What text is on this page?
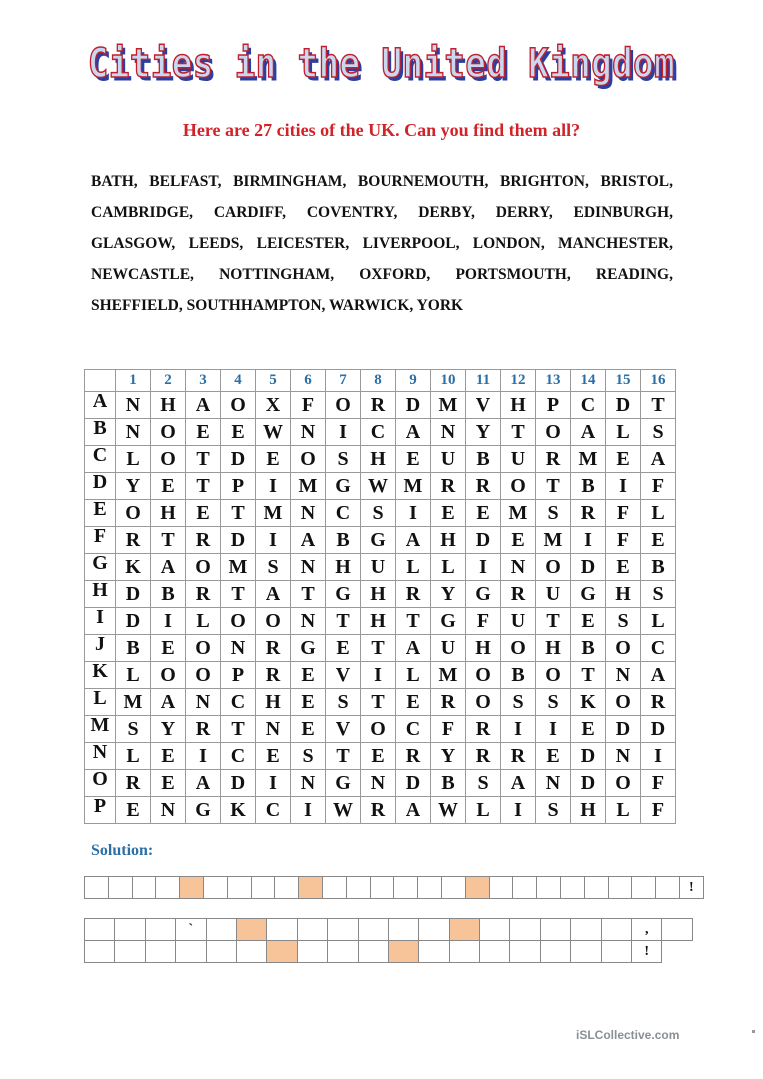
Cities in the United Kingdom
Here are 27 cities of the UK. Can you find them all?

BATH, BELFAST, BIRMINGHAM, BOURNEMOUTH, BRIGHTON, BRISTOL, CAMBRIDGE, CARDIFF, COVENTRY, DERBY, DERRY, EDINBURGH, GLASGOW, LEEDS, LEICESTER, LIVERPOOL, LONDON, MANCHESTER, NEWCASTLE, NOTTINGHAM, OXFORD, PORTSMOUTH, READING, SHEFFIELD, SOUTHHAMPTON, WARWICK, YORK

	1	2	3	4	5	6	7	8	9	10	11	12	13	14	15	16
A	N	H	A	O	X	F	O	R	D	M	V	H	P	C	D	T
B	N	O	E	E	W	N	I	C	A	N	Y	T	O	A	L	S
C	L	O	T	D	E	O	S	H	E	U	B	U	R	M	E	A
D	Y	E	T	P	I	M	G	W	M	R	R	O	T	B	I	F
E	O	H	E	T	M	N	C	S	I	E	E	M	S	R	F	L
F	R	T	R	D	I	A	B	G	A	H	D	E	M	I	F	E
G	K	A	O	M	S	N	H	U	L	L	I	N	O	D	E	B
H	D	B	R	T	A	T	G	H	R	Y	G	R	U	G	H	S
I	D	I	L	O	O	N	T	H	T	G	F	U	T	E	S	L
J	B	E	O	N	R	G	E	T	A	U	H	O	H	B	O	C
K	L	O	O	P	R	E	V	I	L	M	O	B	O	T	N	A
L	M	A	N	C	H	E	S	T	E	R	O	S	S	K	O	R
M	S	Y	R	T	N	E	V	O	C	F	R	I	I	E	D	D
N	L	E	I	C	E	S	T	E	R	Y	R	R	E	D	N	I
O	R	E	A	D	I	N	G	N	D	B	S	A	N	D	O	F
P	E	N	G	K	C	I	W	R	A	W	L	I	S	H	L	F
Solution:
																									!
			`															,	
																		!
iSLCollective.com
